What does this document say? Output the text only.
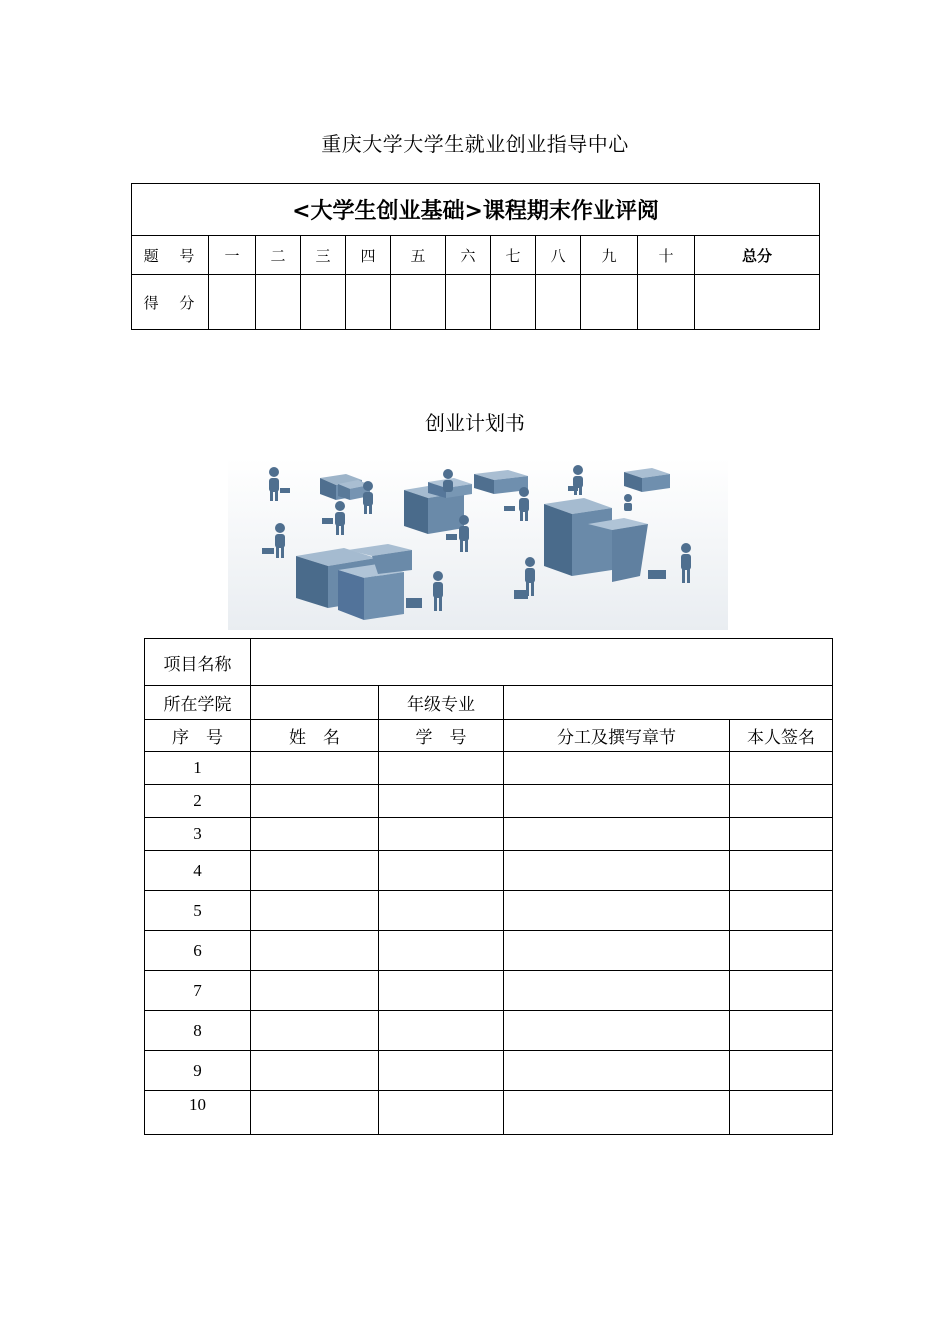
重庆大学大学生就业创业指导中心
<大学生创业基础>课程期末作业评阅											
题 号	一	二	三	四	五	六	七	八	九	十	总分
得 分											
创业计划书
项目名称				
所在学院		年级专业		
序　号	姓　名	学　号	分工及撰写章节	本人签名
1				
2				
3				
4				
5				
6				
7				
8				
9				
10				
